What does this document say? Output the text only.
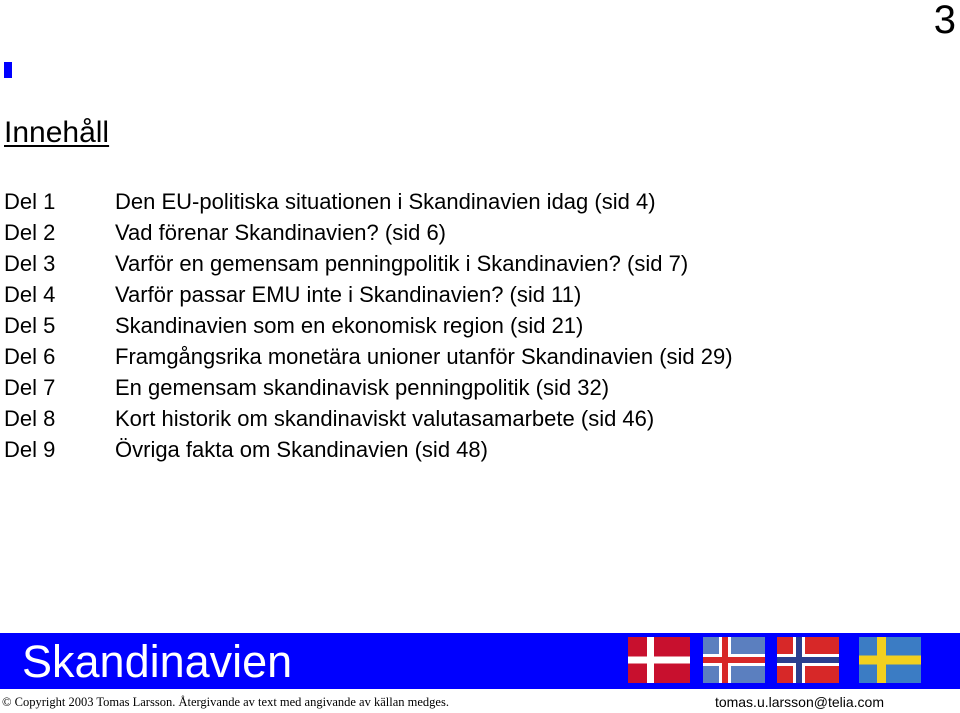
3
Innehåll
Del 1	Den EU-politiska situationen i Skandinavien idag (sid 4)
Del 2	Vad förenar Skandinavien? (sid 6)
Del 3	Varför en gemensam penningpolitik i Skandinavien? (sid 7)
Del 4	Varför passar EMU inte i Skandinavien? (sid 11)
Del 5	Skandinavien som en ekonomisk region (sid 21)
Del 6	Framgångsrika monetära unioner utanför Skandinavien (sid 29)
Del 7	En gemensam skandinavisk penningpolitik (sid 32)
Del 8	Kort historik om skandinaviskt valutasamarbete (sid 46)
Del 9	Övriga fakta om Skandinavien (sid 48)
Skandinavien
© Copyright 2003 Tomas Larsson. Återgivande av text med angivande av källan medges.	tomas.u.larsson@telia.com
